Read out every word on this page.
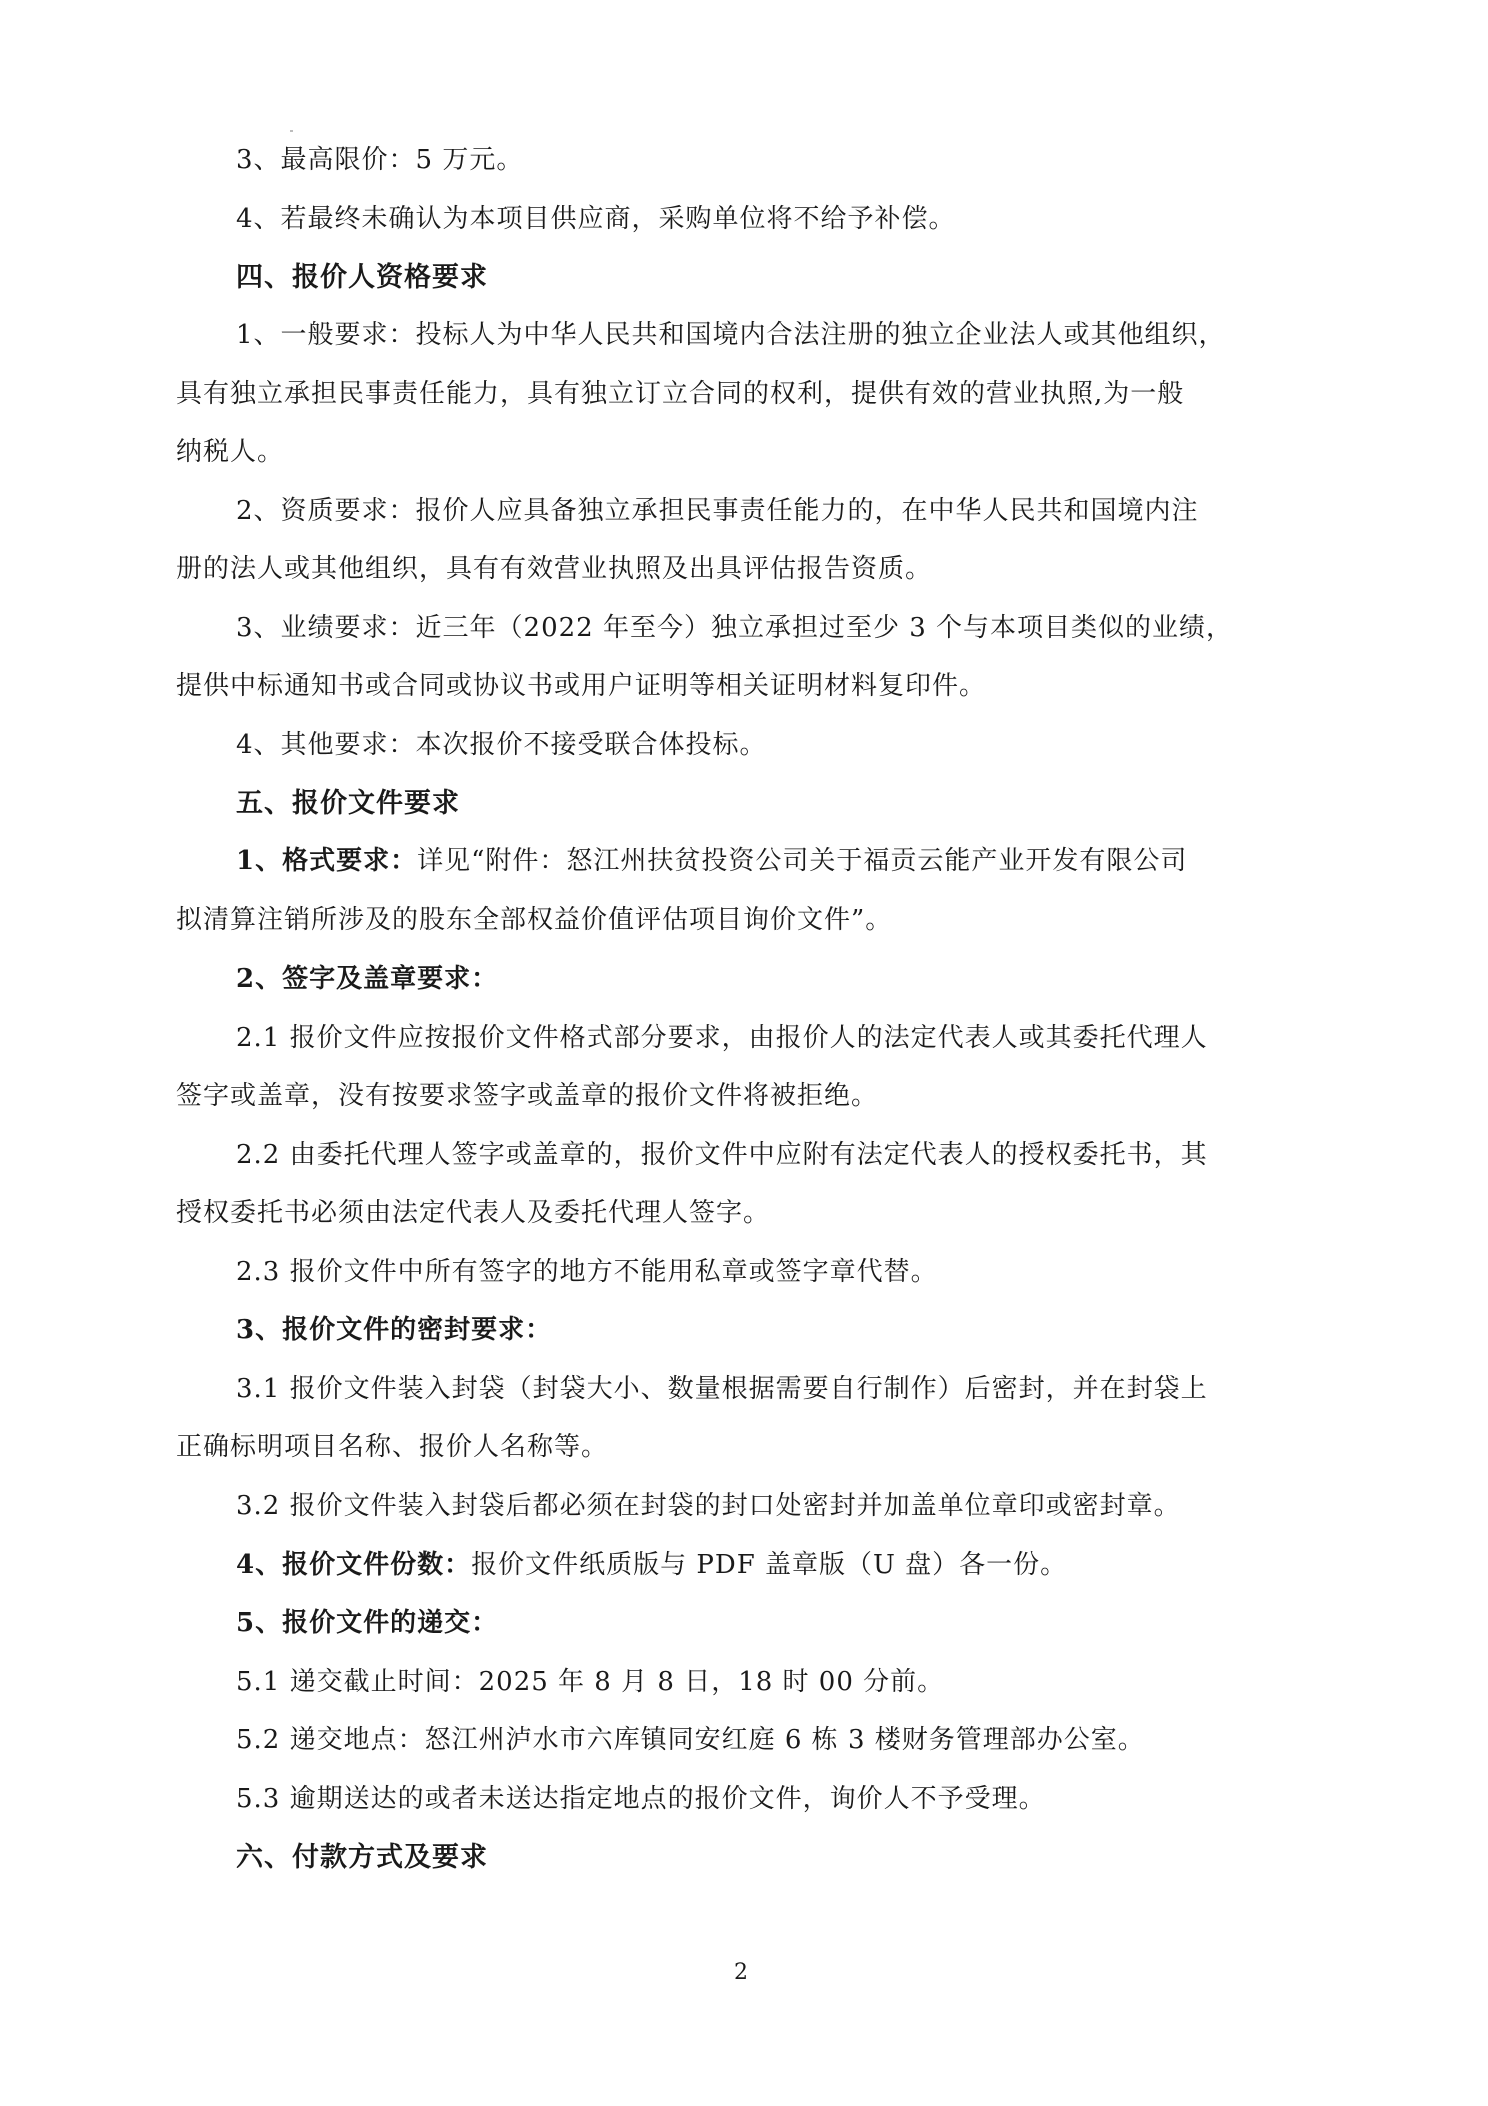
3、最高限价：5 万元。
4、若最终未确认为本项目供应商，采购单位将不给予补偿。
四、报价人资格要求
1、一般要求：投标人为中华人民共和国境内合法注册的独立企业法人或其他组织，
具有独立承担民事责任能力，具有独立订立合同的权利，提供有效的营业执照,为一般
纳税人。
2、资质要求：报价人应具备独立承担民事责任能力的，在中华人民共和国境内注
册的法人或其他组织，具有有效营业执照及出具评估报告资质。
3、业绩要求：近三年（2022 年至今）独立承担过至少 3 个与本项目类似的业绩，
提供中标通知书或合同或协议书或用户证明等相关证明材料复印件。
4、其他要求：本次报价不接受联合体投标。
五、报价文件要求
1、格式要求：详见“附件：怒江州扶贫投资公司关于福贡云能产业开发有限公司
拟清算注销所涉及的股东全部权益价值评估项目询价文件”。
2、签字及盖章要求：
2.1 报价文件应按报价文件格式部分要求，由报价人的法定代表人或其委托代理人
签字或盖章，没有按要求签字或盖章的报价文件将被拒绝。
2.2 由委托代理人签字或盖章的，报价文件中应附有法定代表人的授权委托书，其
授权委托书必须由法定代表人及委托代理人签字。
2.3 报价文件中所有签字的地方不能用私章或签字章代替。
3、报价文件的密封要求：
3.1 报价文件装入封袋（封袋大小、数量根据需要自行制作）后密封，并在封袋上
正确标明项目名称、报价人名称等。
3.2 报价文件装入封袋后都必须在封袋的封口处密封并加盖单位章印或密封章。
4、报价文件份数：报价文件纸质版与 PDF 盖章版（U 盘）各一份。
5、报价文件的递交：
5.1 递交截止时间：2025 年 8 月 8 日，18 时 00 分前。
5.2 递交地点：怒江州泸水市六库镇同安红庭 6 栋 3 楼财务管理部办公室。
5.3 逾期送达的或者未送达指定地点的报价文件，询价人不予受理。
六、付款方式及要求
2
